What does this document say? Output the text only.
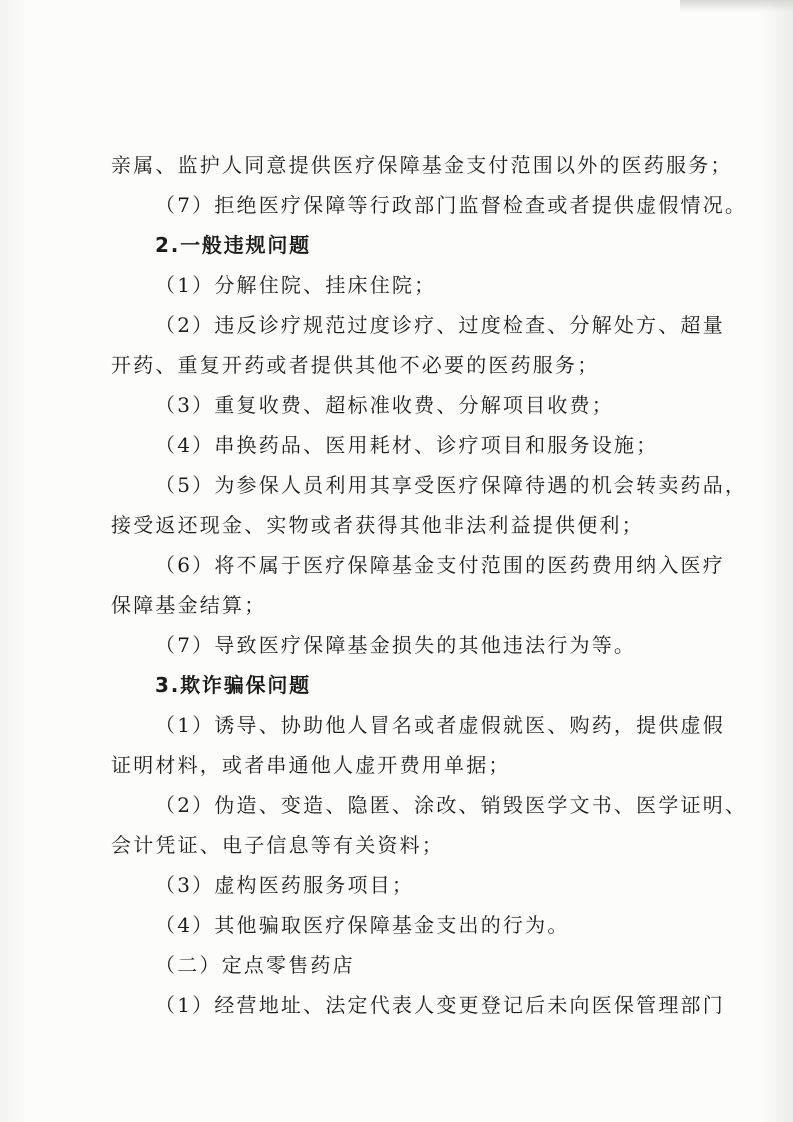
亲属、监护人同意提供医疗保障基金支付范围以外的医药服务；
（7）拒绝医疗保障等行政部门监督检查或者提供虚假情况。
2.一般违规问题
（1）分解住院、挂床住院；
（2）违反诊疗规范过度诊疗、过度检查、分解处方、超量
开药、重复开药或者提供其他不必要的医药服务；
（3）重复收费、超标准收费、分解项目收费；
（4）串换药品、医用耗材、诊疗项目和服务设施；
（5）为参保人员利用其享受医疗保障待遇的机会转卖药品，
接受返还现金、实物或者获得其他非法利益提供便利；
（6）将不属于医疗保障基金支付范围的医药费用纳入医疗
保障基金结算；
（7）导致医疗保障基金损失的其他违法行为等。
3.欺诈骗保问题
（1）诱导、协助他人冒名或者虚假就医、购药，提供虚假
证明材料，或者串通他人虚开费用单据；
（2）伪造、变造、隐匿、涂改、销毁医学文书、医学证明、
会计凭证、电子信息等有关资料；
（3）虚构医药服务项目；
（4）其他骗取医疗保障基金支出的行为。
（二）定点零售药店
（1）经营地址、法定代表人变更登记后未向医保管理部门
